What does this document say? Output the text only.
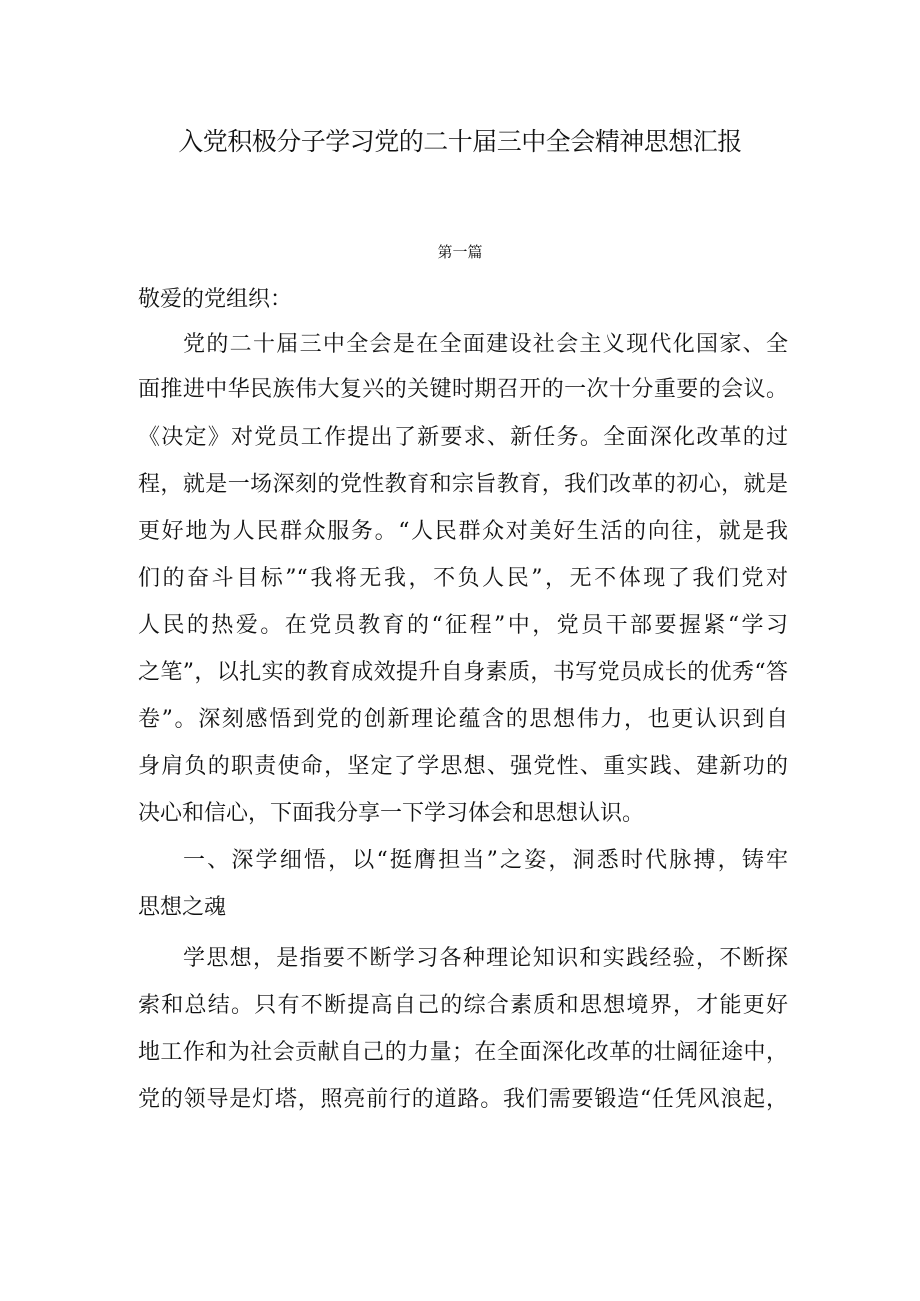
入党积极分子学习党的二十届三中全会精神思想汇报
第一篇
敬爱的党组织：
党的二十届三中全会是在全面建设社会主义现代化国家、全
面推进中华民族伟大复兴的关键时期召开的一次十分重要的会议。
《决定》对党员工作提出了新要求、新任务。全面深化改革的过
程，就是一场深刻的党性教育和宗旨教育，我们改革的初心，就是
更好地为人民群众服务。“人民群众对美好生活的向往，就是我
们的奋斗目标”“我将无我，不负人民”，无不体现了我们党对
人民的热爱。在党员教育的“征程”中，党员干部要握紧“学习
之笔”，以扎实的教育成效提升自身素质，书写党员成长的优秀“答
卷”。深刻感悟到党的创新理论蕴含的思想伟力，也更认识到自
身肩负的职责使命，坚定了学思想、强党性、重实践、建新功的
决心和信心，下面我分享一下学习体会和思想认识。
一、深学细悟，以“挺膺担当”之姿，洞悉时代脉搏，铸牢
思想之魂
学思想，是指要不断学习各种理论知识和实践经验，不断探
索和总结。只有不断提高自己的综合素质和思想境界，才能更好
地工作和为社会贡献自己的力量；在全面深化改革的壮阔征途中，
党的领导是灯塔，照亮前行的道路。我们需要锻造“任凭风浪起，
